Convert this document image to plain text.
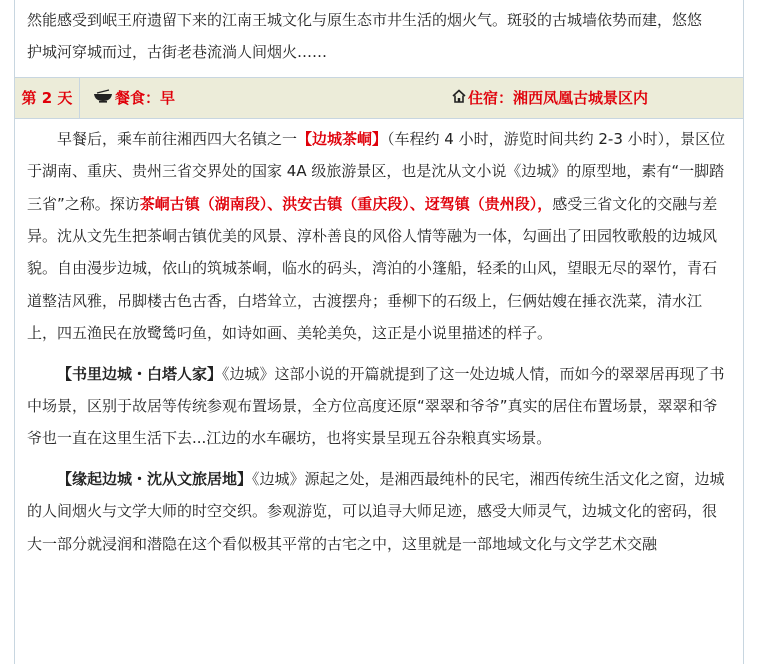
然能感受到岷王府遗留下来的江南王城文化与原生态市井生活的烟火气。斑驳的古城墙依势而建，悠悠

护城河穿城而过，古街老巷流淌人间烟火……

第 2 天	餐食：早	住宿：湘西凤凰古城景区内

早餐后，乘车前往湘西四大名镇之一【边城茶峒】（车程约 4 小时，游览时间共约 2-3 小时），景区位于湖南、重庆、贵州三省交界处的国家 4A 级旅游景区，也是沈从文小说《边城》的原型地，素有“一脚踏三省”之称。探访茶峒古镇（湖南段）、洪安古镇（重庆段）、迓驾镇（贵州段），感受三省文化的交融与差异。沈从文先生把茶峒古镇优美的风景、淳朴善良的风俗人情等融为一体，勾画出了田园牧歌般的边城风貌。自由漫步边城，依山的筑城茶峒，临水的码头，湾泊的小篷船，轻柔的山风，望眼无尽的翠竹，青石道整洁风雅，吊脚楼古色古香，白塔耸立，古渡摆舟；垂柳下的石级上，仨俩姑嫂在捶衣洗菜，清水江上，四五渔民在放鹭鸶叼鱼，如诗如画、美轮美奂，这正是小说里描述的样子。

【书里边城・白塔人家】《边城》这部小说的开篇就提到了这一处边城人情，而如今的翠翠居再现了书中场景，区别于故居等传统参观布置场景，全方位高度还原“翠翠和爷爷”真实的居住布置场景，翠翠和爷爷也一直在这里生活下去...江边的水车碾坊，也将实景呈现五谷杂粮真实场景。

【缘起边城・沈从文旅居地】《边城》源起之处，是湘西最纯朴的民宅，湘西传统生活文化之窗，边城的人间烟火与文学大师的时空交织。参观游览，可以追寻大师足迹，感受大师灵气，边城文化的密码，很大一部分就浸润和潜隐在这个看似极其平常的古宅之中，这里就是一部地域文化与文学艺术交融
